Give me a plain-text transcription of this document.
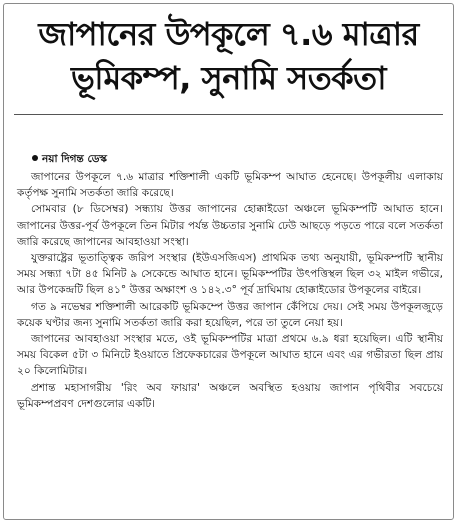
জাপানের উপকূলে ৭.৬ মাত্রার
ভূমিকম্প, সুনামি সতর্কতা
নয়া দিগন্ত ডেস্ক

জাপানের উপকূলে ৭.৬ মাত্রার শক্তিশালী একটি ভূমিকম্প আঘাত হেনেছে। উপকূলীয় এলাকায় কর্তৃপক্ষ সুনামি সতর্কতা জারি করেছে।

সোমবার (৮ ডিসেম্বর) সন্ধ্যায় উত্তর জাপানের হোক্কাইডো অঞ্চলে ভূমিকম্পটি আঘাত হানে। জাপানের উত্তর-পূর্ব উপকূলে তিন মিটার পর্যন্ত উচ্চতার সুনামি ঢেউ আছড়ে পড়তে পারে বলে সতর্কতা জারি করেছে জাপানের আবহাওয়া সংস্থা।

যুক্তরাষ্ট্রের ভূতাত্ত্বিক জরিপ সংস্থার (ইউএসজিএস) প্রাথমিক তথ্য অনুযায়ী, ভূমিকম্পটি স্থানীয় সময় সন্ধ্যা ৭টা ৪৫ মিনিট ৯ সেকেন্ডে আঘাত হানে। ভূমিকম্পটির উৎপত্তিস্থল ছিল ৩২ মাইল গভীরে, আর উপকেন্দ্রটি ছিল ৪১° উত্তর অক্ষাংশ ও ১৪২.৩° পূর্ব দ্রাঘিমায় হোক্কাইডোর উপকূলের বাইরে।

গত ৯ নভেম্বর শক্তিশালী আরেকটি ভূমিকম্পে উত্তর জাপান কেঁপিয়ে দেয়। সেই সময় উপকূলজুড়ে কয়েক ঘণ্টার জন্য সুনামি সতর্কতা জারি করা হয়েছিল, পরে তা তুলে নেয়া হয়।

জাপানের আবহাওয়া সংস্থার মতে, ওই ভূমিকম্পটির মাত্রা প্রথমে ৬.৯ ধরা হয়েছিল। এটি স্থানীয় সময় বিকেল ৫টা ৩ মিনিটে ইওয়াতে প্রিফেকচারের উপকূলে আঘাত হানে এবং এর গভীরতা ছিল প্রায় ২০ কিলোমিটার।

প্রশান্ত মহাসাগরীয় 'রিং অব ফায়ার' অঞ্চলে অবস্থিত হওয়ায় জাপান পৃথিবীর সবচেয়ে ভূমিকম্পপ্রবণ দেশগুলোর একটি।
